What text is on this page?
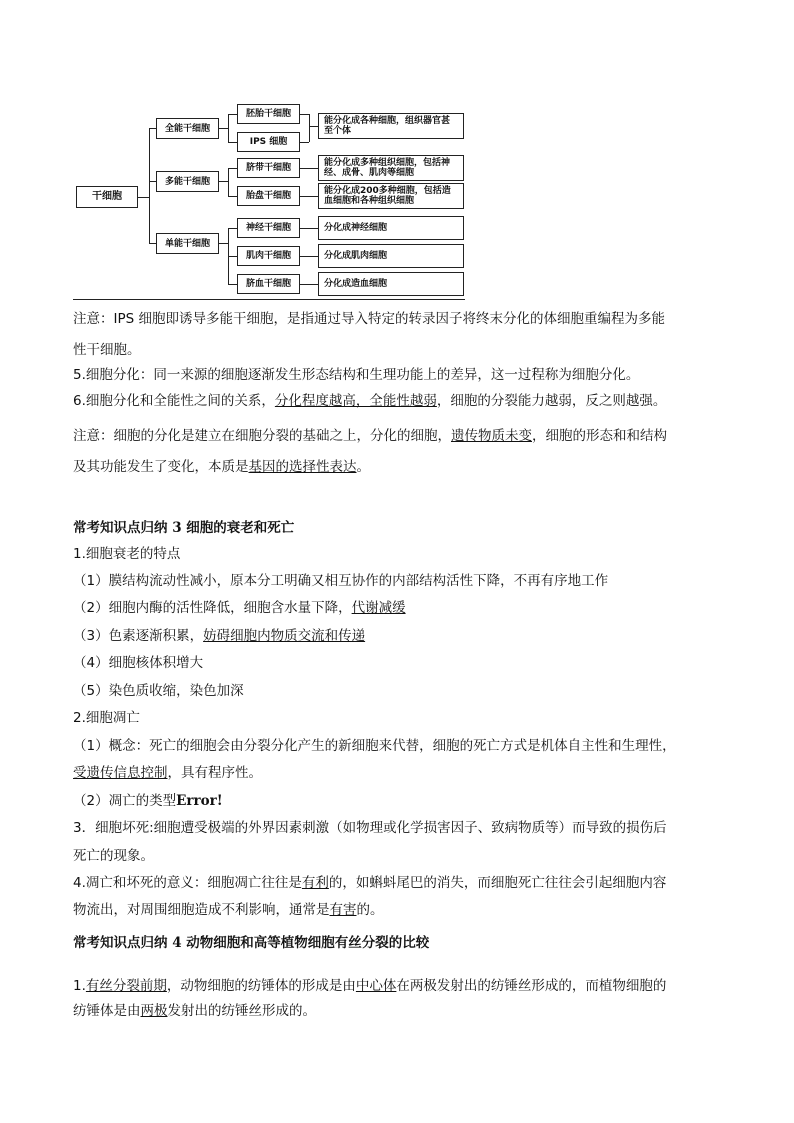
干细胞
全能干细胞
多能干细胞
单能干细胞
胚胎干细胞
IPS 细胞
脐带干细胞
胎盘干细胞
神经干细胞
肌肉干细胞
脐血干细胞
能分化成各种细胞，组织器官甚至个体
能分化成多种组织细胞，包括神经、成骨、肌肉等细胞
能分化成200多种细胞，包括造血细胞和各种组织细胞
分化成神经细胞
分化成肌肉细胞
分化成造血细胞
注意：IPS 细胞即诱导多能干细胞，是指通过导入特定的转录因子将终末分化的体细胞重编程为多能
性干细胞。
5.细胞分化：同一来源的细胞逐渐发生形态结构和生理功能上的差异，这一过程称为细胞分化。
6.细胞分化和全能性之间的关系，分化程度越高，全能性越弱，细胞的分裂能力越弱，反之则越强。
注意：细胞的分化是建立在细胞分裂的基础之上，分化的细胞，遗传物质未变，细胞的形态和和结构
及其功能发生了变化，本质是基因的选择性表达。
常考知识点归纳 3 细胞的衰老和死亡
1.细胞衰老的特点
（1）膜结构流动性减小，原本分工明确又相互协作的内部结构活性下降，不再有序地工作
（2）细胞内酶的活性降低，细胞含水量下降，代谢减缓
（3）色素逐渐积累，妨碍细胞内物质交流和传递
（4）细胞核体积增大
（5）染色质收缩，染色加深
2.细胞凋亡
（1）概念：死亡的细胞会由分裂分化产生的新细胞来代替，细胞的死亡方式是机体自主性和生理性，
受遗传信息控制，具有程序性。
（2）凋亡的类型Error!
3．细胞坏死:细胞遭受极端的外界因素刺激（如物理或化学损害因子、致病物质等）而导致的损伤后
死亡的现象。
4.凋亡和坏死的意义：细胞凋亡往往是有利的，如蝌蚪尾巴的消失，而细胞死亡往往会引起细胞内容
物流出，对周围细胞造成不利影响，通常是有害的。
常考知识点归纳 4 动物细胞和高等植物细胞有丝分裂的比较
1.有丝分裂前期，动物细胞的纺锤体的形成是由中心体在两极发射出的纺锤丝形成的，而植物细胞的
纺锤体是由两极发射出的纺锤丝形成的。
